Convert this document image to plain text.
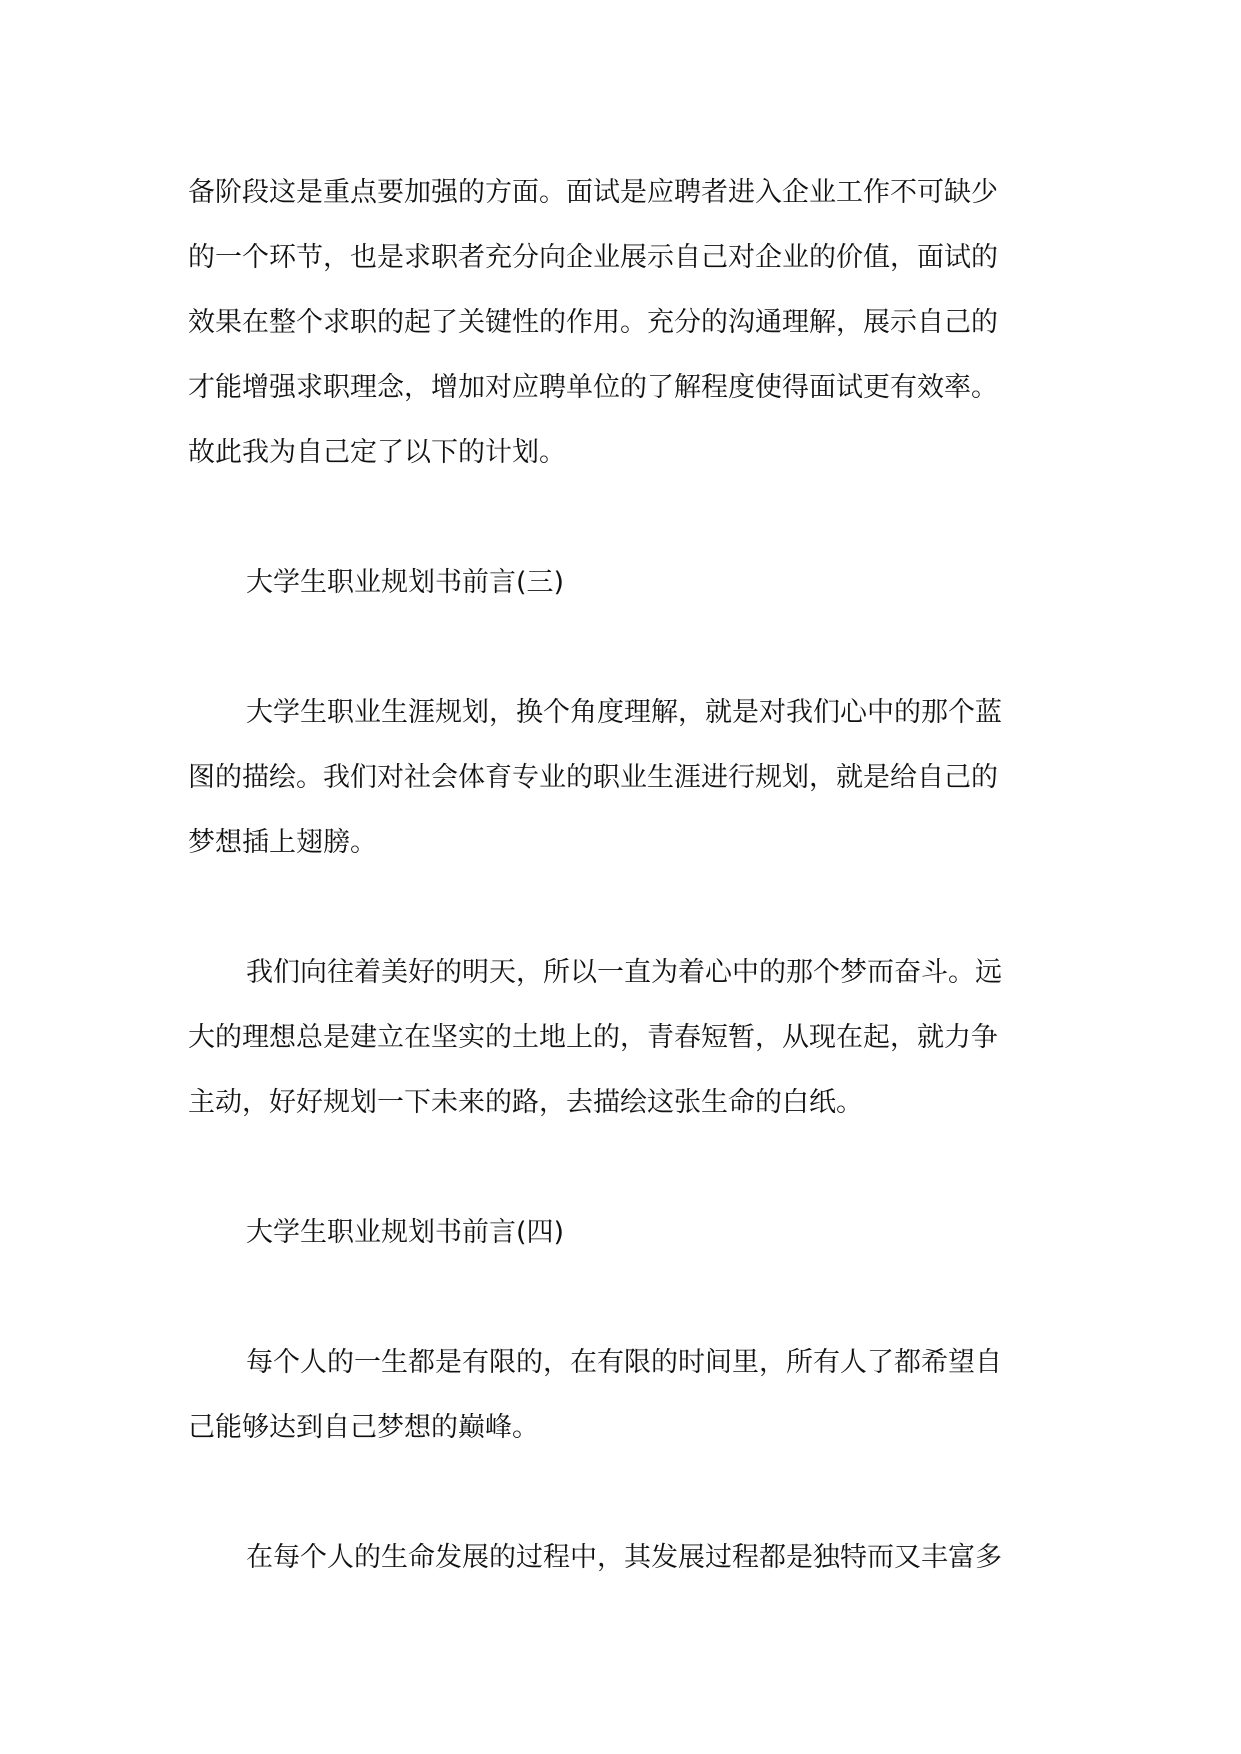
备阶段这是重点要加强的方面。面试是应聘者进入企业工作不可缺少
的一个环节，也是求职者充分向企业展示自己对企业的价值，面试的
效果在整个求职的起了关键性的作用。充分的沟通理解，展示自己的
才能增强求职理念，增加对应聘单位的了解程度使得面试更有效率。
故此我为自己定了以下的计划。
大学生职业规划书前言(三)
大学生职业生涯规划，换个角度理解，就是对我们心中的那个蓝
图的描绘。我们对社会体育专业的职业生涯进行规划，就是给自己的
梦想插上翅膀。
我们向往着美好的明天，所以一直为着心中的那个梦而奋斗。远
大的理想总是建立在坚实的土地上的，青春短暂，从现在起，就力争
主动，好好规划一下未来的路，去描绘这张生命的白纸。
大学生职业规划书前言(四)
每个人的一生都是有限的，在有限的时间里，所有人了都希望自
己能够达到自己梦想的巅峰。
在每个人的生命发展的过程中，其发展过程都是独特而又丰富多
